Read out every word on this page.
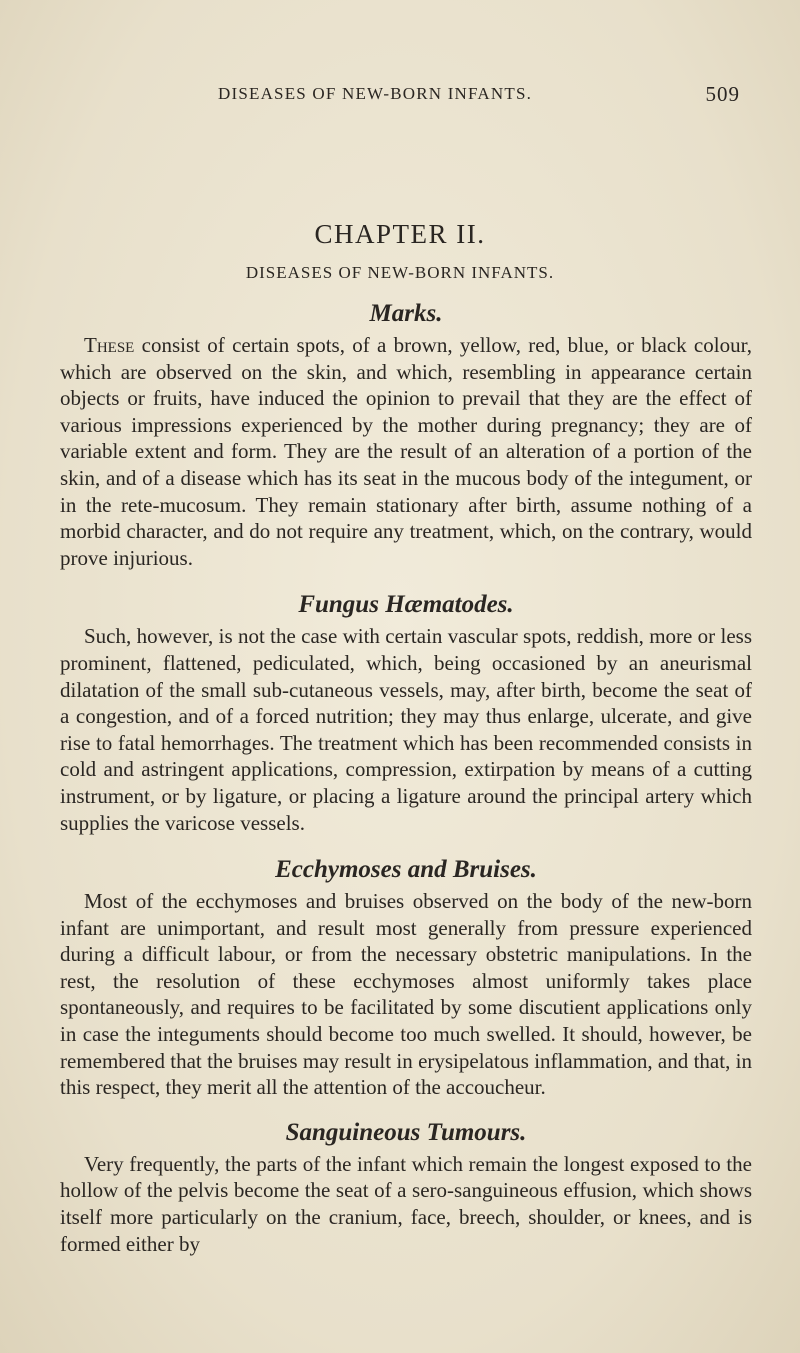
DISEASES OF NEW-BORN INFANTS.	509
CHAPTER II.
DISEASES OF NEW-BORN INFANTS.
Marks.

These consist of certain spots, of a brown, yellow, red, blue, or black colour, which are observed on the skin, and which, resembling in appearance certain objects or fruits, have induced the opinion to prevail that they are the effect of various impressions experienced by the mother during pregnancy; they are of variable extent and form. They are the result of an alteration of a portion of the skin, and of a disease which has its seat in the mucous body of the integument, or in the rete-mucosum. They remain stationary after birth, assume nothing of a morbid character, and do not require any treatment, which, on the contrary, would prove injurious.

Fungus Hæmatodes.

Such, however, is not the case with certain vascular spots, reddish, more or less prominent, flattened, pediculated, which, being occasioned by an aneurismal dilatation of the small sub-cutaneous vessels, may, after birth, become the seat of a congestion, and of a forced nutrition; they may thus enlarge, ulcerate, and give rise to fatal hemorrhages. The treatment which has been recommended consists in cold and astringent applications, compression, extirpation by means of a cutting instrument, or by ligature, or placing a ligature around the principal artery which supplies the varicose vessels.

Ecchymoses and Bruises.

Most of the ecchymoses and bruises observed on the body of the new-born infant are unimportant, and result most generally from pressure experienced during a difficult labour, or from the necessary obstetric manipulations. In the rest, the resolution of these ecchymoses almost uniformly takes place spontaneously, and requires to be facilitated by some discutient applications only in case the integuments should become too much swelled. It should, however, be remembered that the bruises may result in erysipelatous inflammation, and that, in this respect, they merit all the attention of the accoucheur.

Sanguineous Tumours.

Very frequently, the parts of the infant which remain the longest exposed to the hollow of the pelvis become the seat of a sero-sanguineous effusion, which shows itself more particularly on the cranium, face, breech, shoulder, or knees, and is formed either by
